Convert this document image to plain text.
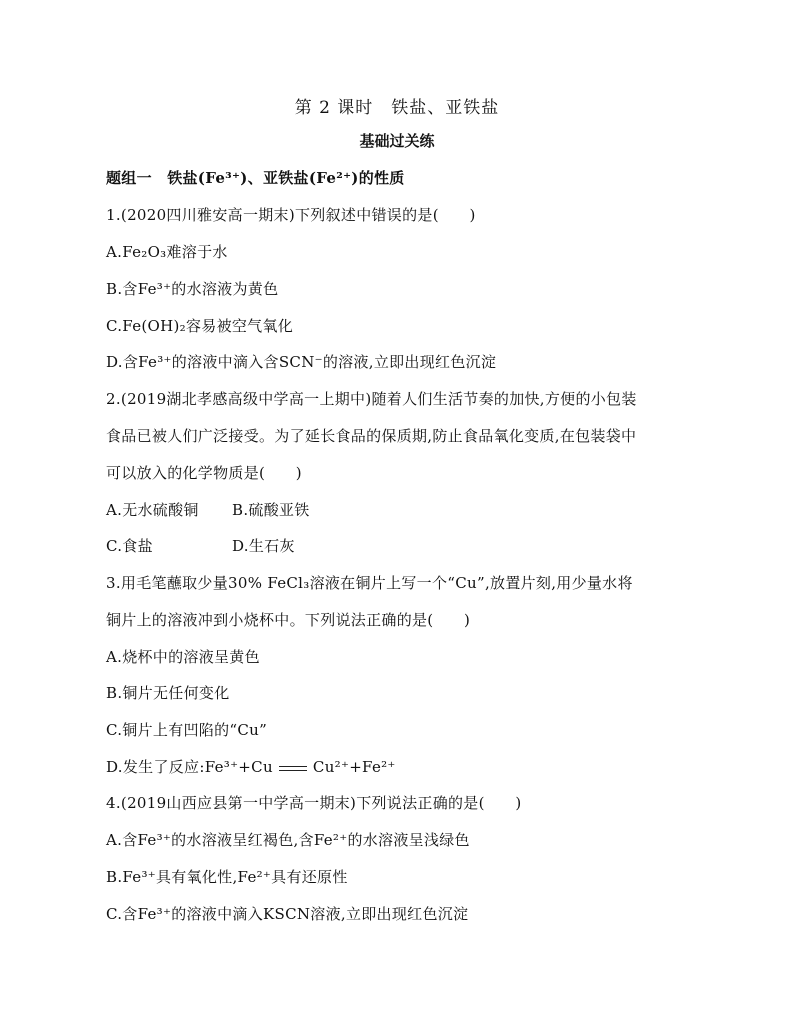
第 2 课时　铁盐、亚铁盐
基础过关练
题组一　铁盐(Fe³⁺)、亚铁盐(Fe²⁺)的性质
1.(2020四川雅安高一期末)下列叙述中错误的是(　　)
A.Fe₂O₃难溶于水
B.含Fe³⁺的水溶液为黄色
C.Fe(OH)₂容易被空气氧化
D.含Fe³⁺的溶液中滴入含SCN⁻的溶液,立即出现红色沉淀
2.(2019湖北孝感高级中学高一上期中)随着人们生活节奏的加快,方便的小包装
食品已被人们广泛接受。为了延长食品的保质期,防止食品氧化变质,在包装袋中
可以放入的化学物质是(　　)
A.无水硫酸铜 B.硫酸亚铁
C.食盐	D.生石灰
3.用毛笔蘸取少量30% FeCl₃溶液在铜片上写一个“Cu”,放置片刻,用少量水将
铜片上的溶液冲到小烧杯中。下列说法正确的是(　　)
A.烧杯中的溶液呈黄色
B.铜片无任何变化
C.铜片上有凹陷的“Cu”
D.发生了反应:Fe³⁺+Cu	Cu²⁺+Fe²⁺
4.(2019山西应县第一中学高一期末)下列说法正确的是(　　)
A.含Fe³⁺的水溶液呈红褐色,含Fe²⁺的水溶液呈浅绿色
B.Fe³⁺具有氧化性,Fe²⁺具有还原性
C.含Fe³⁺的溶液中滴入KSCN溶液,立即出现红色沉淀
